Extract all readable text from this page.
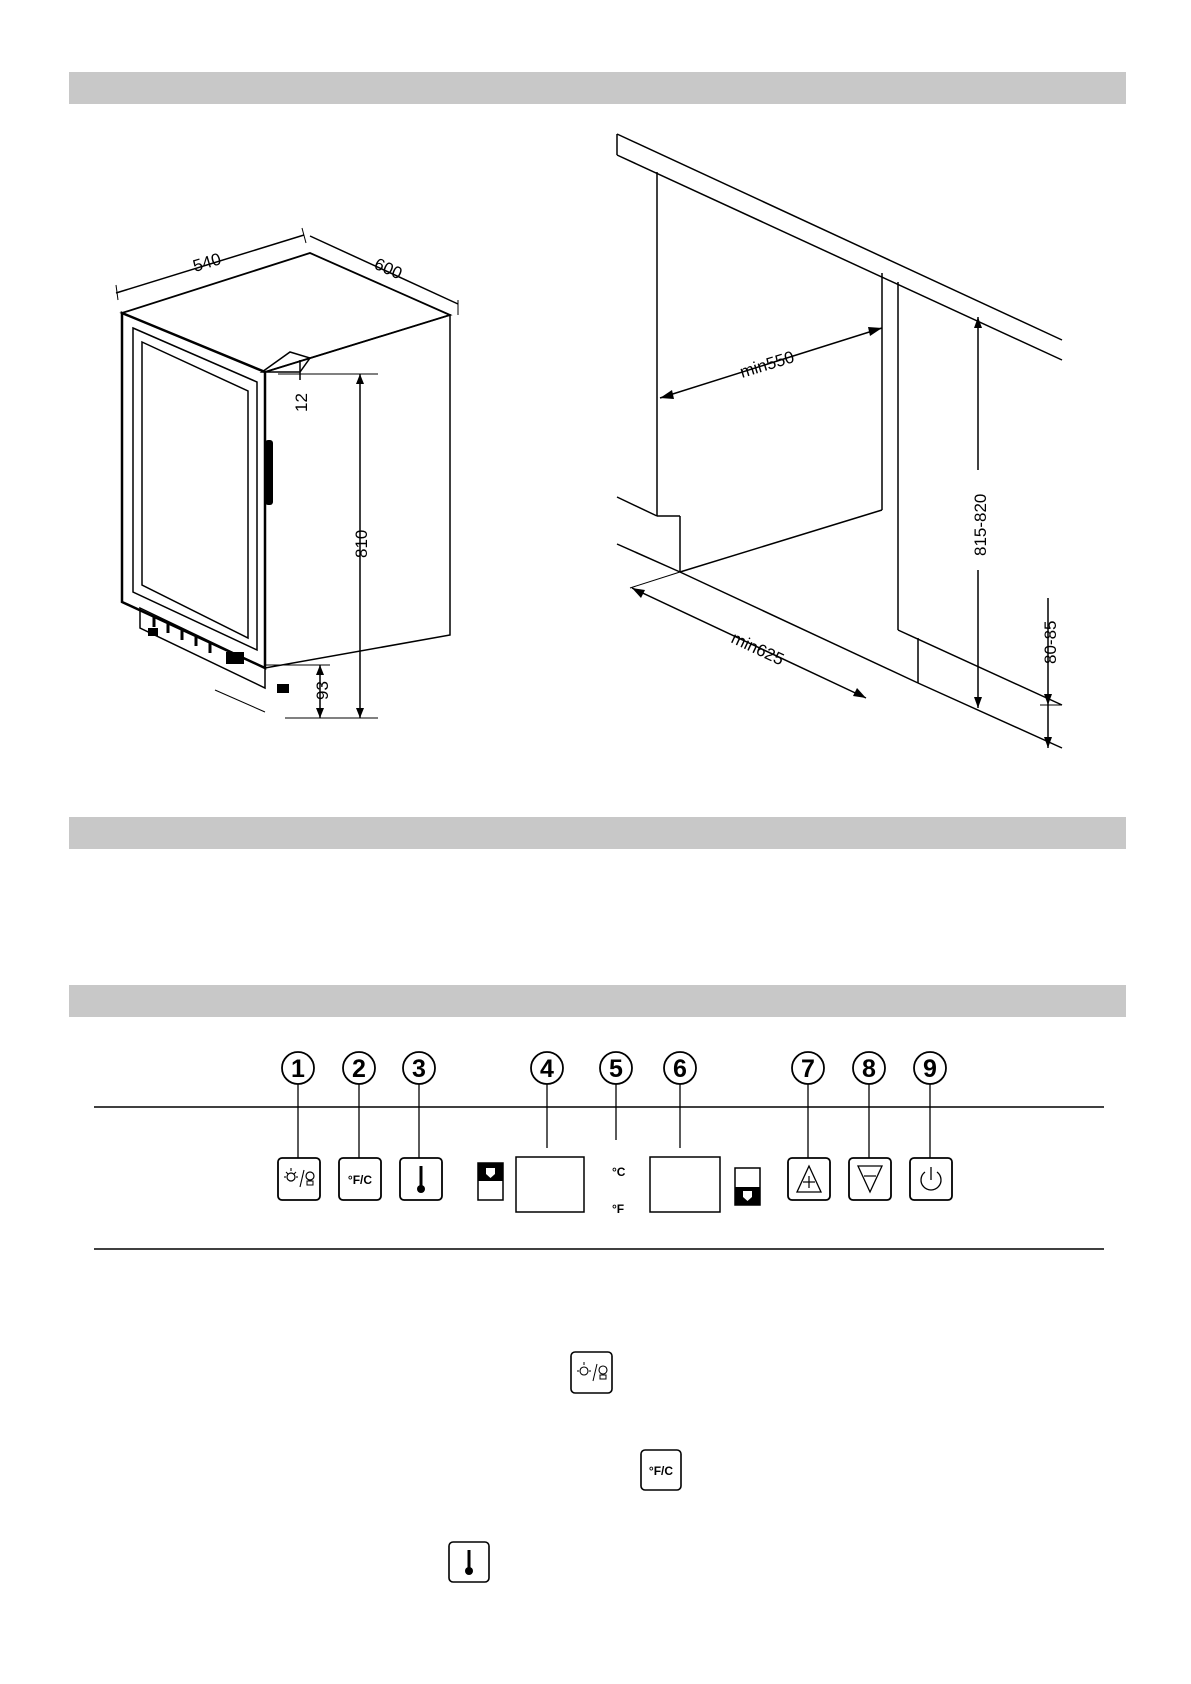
540	600
12
810
93
min550
min625
815-820
80-85
1 2 3	4 5 6	7 8 9
°F/C
°C
°F
°F/C
